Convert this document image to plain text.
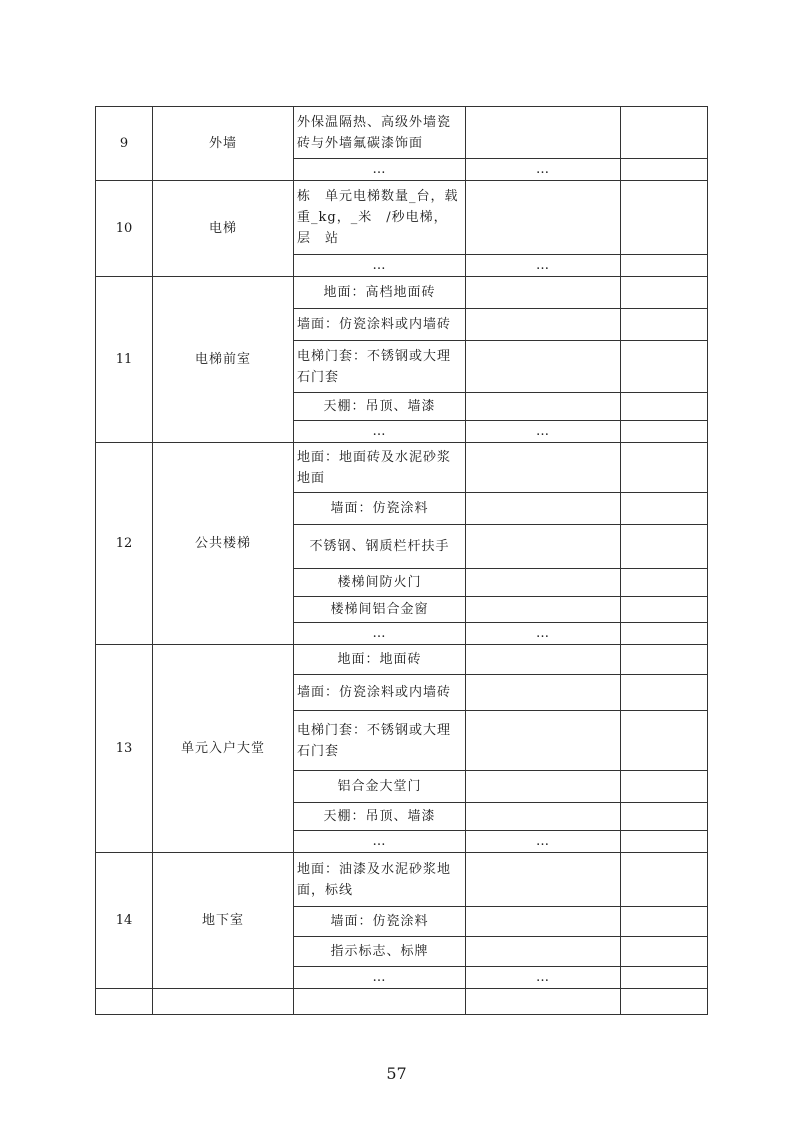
9	外墙	外保温隔热、高级外墙瓷砖与外墙氟碳漆饰面		
		…	…	
10	电梯	栋　单元电梯数量_台，载重_kg，_米　/秒电梯，　层　站		
		…	…	
11	电梯前室	地面：高档地面砖		
		墙面：仿瓷涂料或内墙砖		
		电梯门套：不锈钢或大理石门套		
		天棚：吊顶、墙漆		
		…	…	
12	公共楼梯	地面：地面砖及水泥砂浆地面		
		墙面：仿瓷涂料		
		不锈钢、钢质栏杆扶手		
		楼梯间防火门		
		楼梯间铝合金窗		
		…	…	
13	单元入户大堂	地面：地面砖		
		墙面：仿瓷涂料或内墙砖		
		电梯门套：不锈钢或大理石门套		
		铝合金大堂门		
		天棚：吊顶、墙漆		
		…	…	
14	地下室	地面：油漆及水泥砂浆地面，标线		
		墙面：仿瓷涂料		
		指示标志、标牌		
		…	…	

57
